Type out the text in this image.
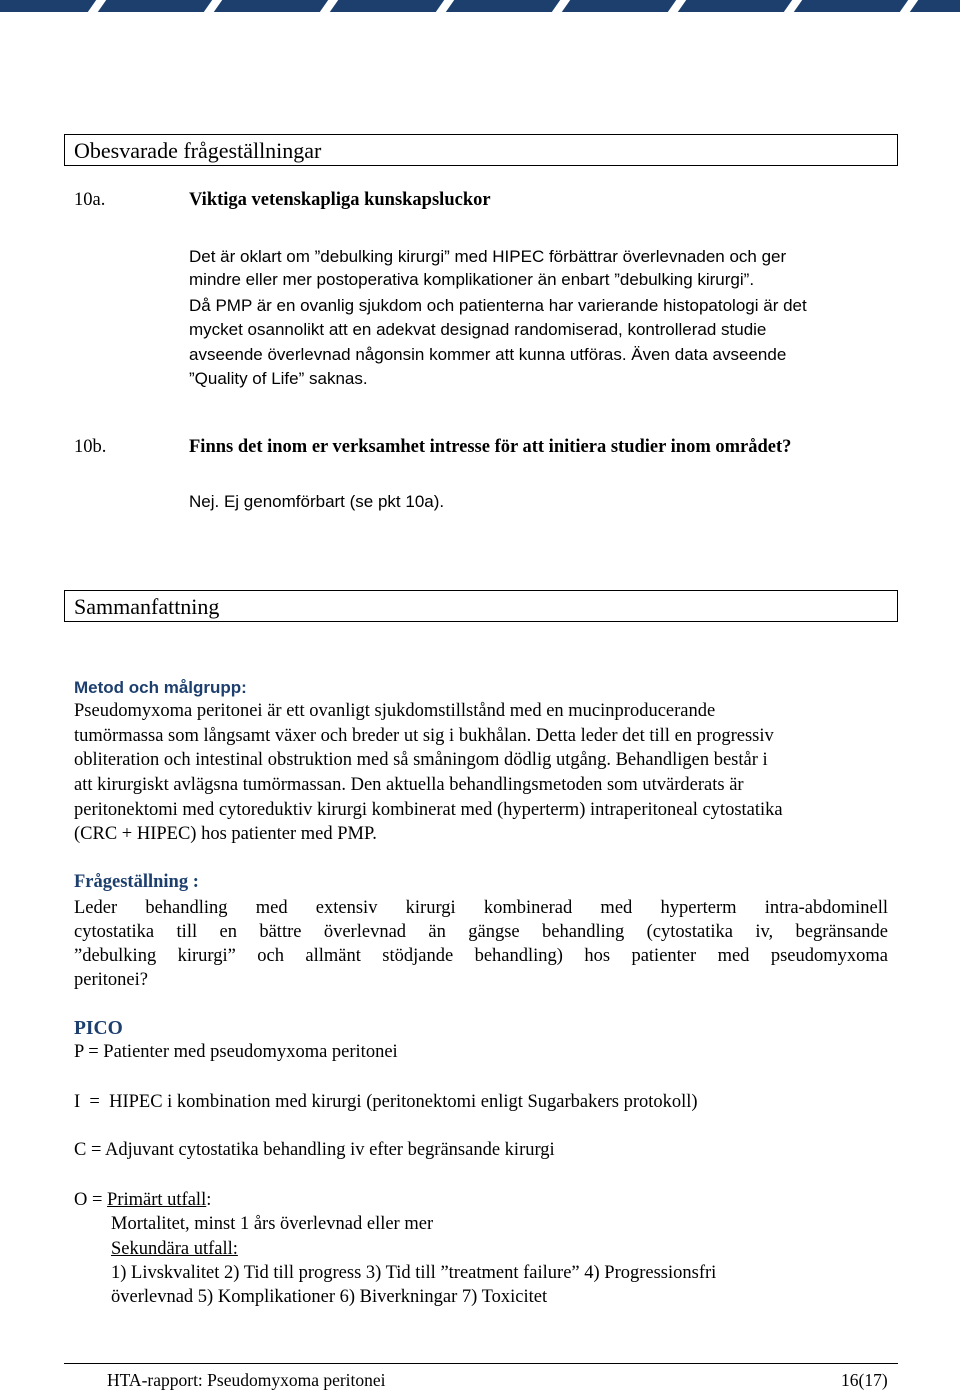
Obesvarade frågeställningar
10a.	Viktiga vetenskapliga kunskapsluckor
Det är oklart om ”debulking kirurgi” med HIPEC förbättrar överlevnaden och ger
mindre eller mer postoperativa komplikationer än enbart ”debulking kirurgi”.
Då PMP är en ovanlig sjukdom och patienterna har varierande histopatologi är det
mycket osannolikt att en adekvat designad randomiserad, kontrollerad studie
avseende överlevnad någonsin kommer att kunna utföras. Även data avseende
”Quality of Life” saknas.
10b.	Finns det inom er verksamhet intresse för att initiera studier inom området?
Nej. Ej genomförbart (se pkt 10a).
Sammanfattning
Metod och målgrupp:
Pseudomyxoma peritonei är ett ovanligt sjukdomstillstånd med en mucinproducerande
tumörmassa som långsamt växer och breder ut sig i bukhålan. Detta leder det till en progressiv
obliteration och intestinal obstruktion med så småningom dödlig utgång. Behandligen består i
att kirurgiskt avlägsna tumörmassan. Den aktuella behandlingsmetoden som utvärderats är
peritonektomi med cytoreduktiv kirurgi kombinerat med (hyperterm) intraperitoneal cytostatika
(CRC + HIPEC) hos patienter med PMP.
Frågeställning :
Leder behandling med extensiv kirurgi kombinerad med hyperterm intra-abdominell
cytostatika till en bättre överlevnad än gängse behandling (cytostatika iv, begränsande
”debulking kirurgi” och allmänt stödjande behandling) hos patienter med pseudomyxoma
peritonei?
PICO
P = Patienter med pseudomyxoma peritonei
I  =  HIPEC i kombination med kirurgi (peritonektomi enligt Sugarbakers protokoll)
C = Adjuvant cytostatika behandling iv efter begränsande kirurgi
O = Primärt utfall:
Mortalitet, minst 1 års överlevnad eller mer
Sekundära utfall:
1) Livskvalitet 2) Tid till progress 3) Tid till ”treatment failure” 4) Progressionsfri
överlevnad 5) Komplikationer 6) Biverkningar 7) Toxicitet
HTA-rapport: Pseudomyxoma peritonei	16(17)
